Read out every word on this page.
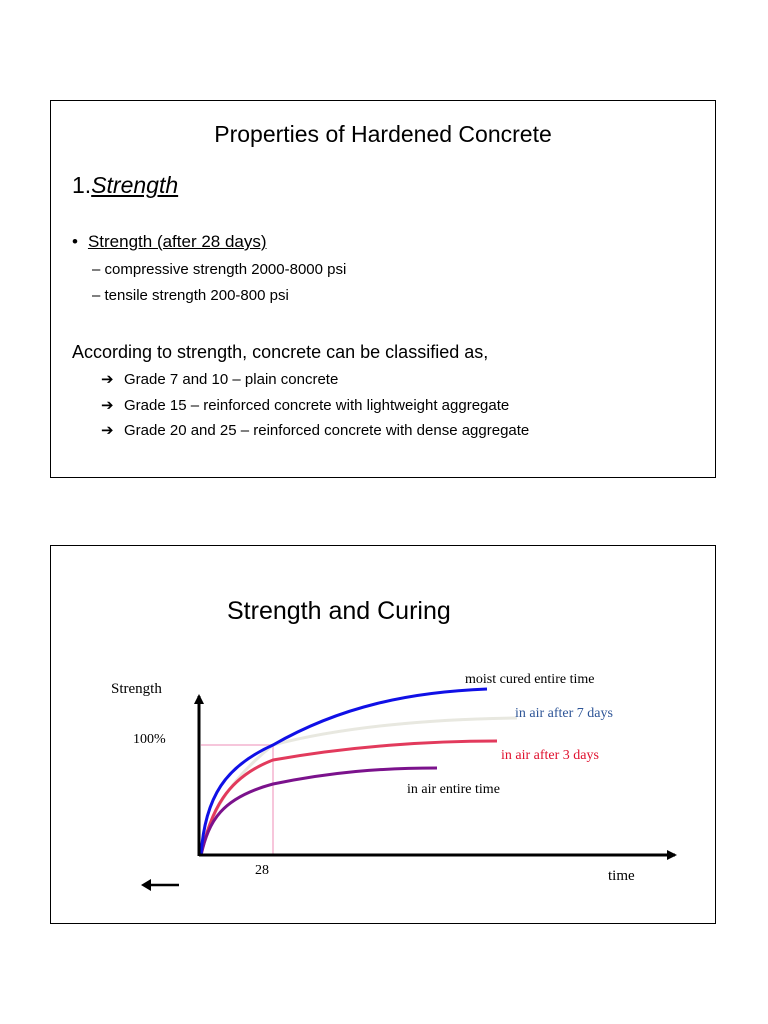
Properties of Hardened Concrete
1.Strength
• Strength (after 28 days)
– compressive strength 2000-8000 psi
– tensile strength 200-800 psi
According to strength, concrete can be classified as,
➔ Grade 7 and 10 – plain concrete
➔ Grade 15 – reinforced concrete with lightweight aggregate
➔ Grade 20 and 25 – reinforced concrete with dense aggregate
Strength and Curing
Strength
100%
28	time
moist cured entire time
in air after 7 days
in air after 3 days
in air entire time
